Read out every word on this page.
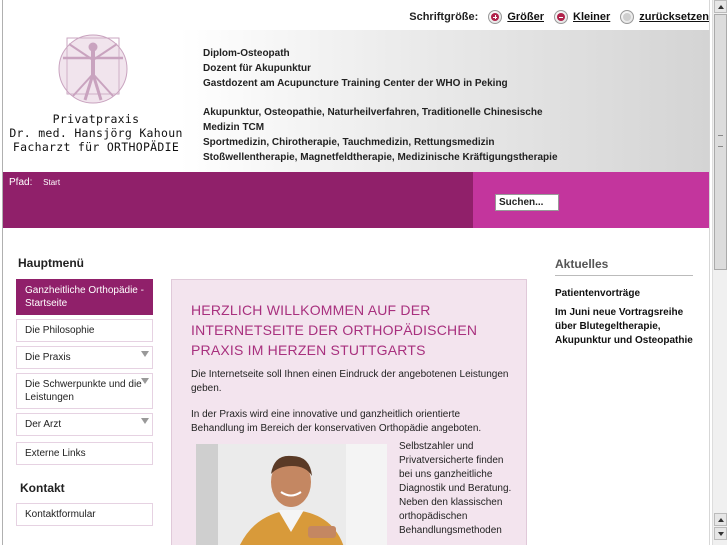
Schriftgröße:	Größer	Kleiner	zurücksetzen
Privatpraxis
Dr. med. Hansjörg Kahoun
Facharzt für ORTHOPÄDIE
Diplom-Osteopath
Dozent für Akupunktur
Gastdozent am Acupuncture Training Center der WHO in Peking
Akupunktur, Osteopathie, Naturheilverfahren, Traditionelle Chinesische
Medizin TCM
Sportmedizin, Chirotherapie, Tauchmedizin, Rettungsmedizin
Stoßwellentherapie, Magnetfeldtherapie, Medizinische Kräftigungstherapie
Pfad: Start
Suchen...
Hauptmenü
Ganzheitliche Orthopädie - Startseite
Die Philosophie
Die Praxis
Die Schwerpunkte und die Leistungen
Der Arzt
Externe Links
Kontakt
Kontaktformular
HERZLICH WILLKOMMEN AUF DER INTERNETSEITE DER ORTHOPÄDISCHEN PRAXIS IM HERZEN STUTTGARTS
Die Internetseite soll Ihnen einen Eindruck der angebotenen Leistungen geben.
In der Praxis wird eine innovative und ganzheitlich orientierte Behandlung im Bereich der konservativen Orthopädie angeboten.
Selbstzahler und Privatversicherte finden bei uns ganzheitliche Diagnostik und Beratung. Neben den klassischen orthopädischen Behandlungsmethoden
Aktuelles
Patientenvorträge
Im Juni neue Vortragsreihe über Blutegeltherapie, Akupunktur und Osteopathie
